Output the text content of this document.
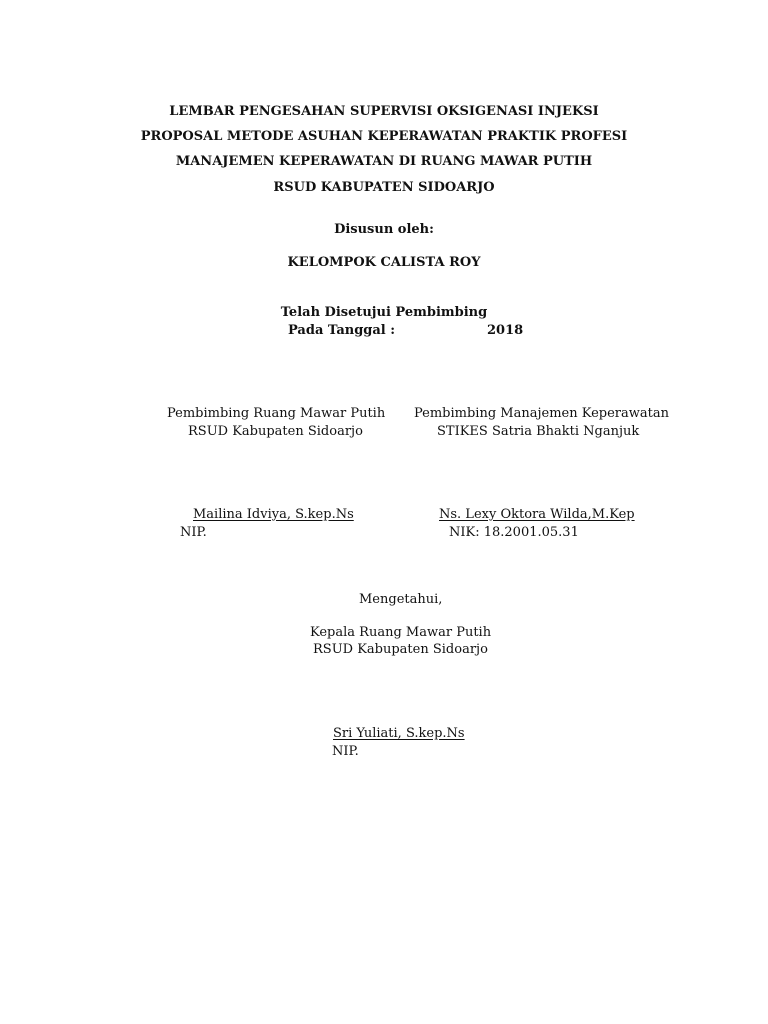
LEMBAR PENGESAHAN SUPERVISI OKSIGENASI INJEKSI
PROPOSAL METODE ASUHAN KEPERAWATAN PRAKTIK PROFESI
MANAJEMEN KEPERAWATAN DI RUANG MAWAR PUTIH
RSUD KABUPATEN SIDOARJO
Disusun oleh:
KELOMPOK CALISTA ROY
Telah Disetujui Pembimbing
Pada Tanggal :	2018
Pembimbing Ruang Mawar Putih
RSUD Kabupaten Sidoarjo
Mailina Idviya, S.kep.Ns
NIP.
Pembimbing Manajemen Keperawatan
STIKES Satria Bhakti Nganjuk
Ns. Lexy Oktora Wilda,M.Kep
NIK: 18.2001.05.31
Mengetahui,
Kepala Ruang Mawar Putih
RSUD Kabupaten Sidoarjo
Sri Yuliati, S.kep.Ns
NIP.
